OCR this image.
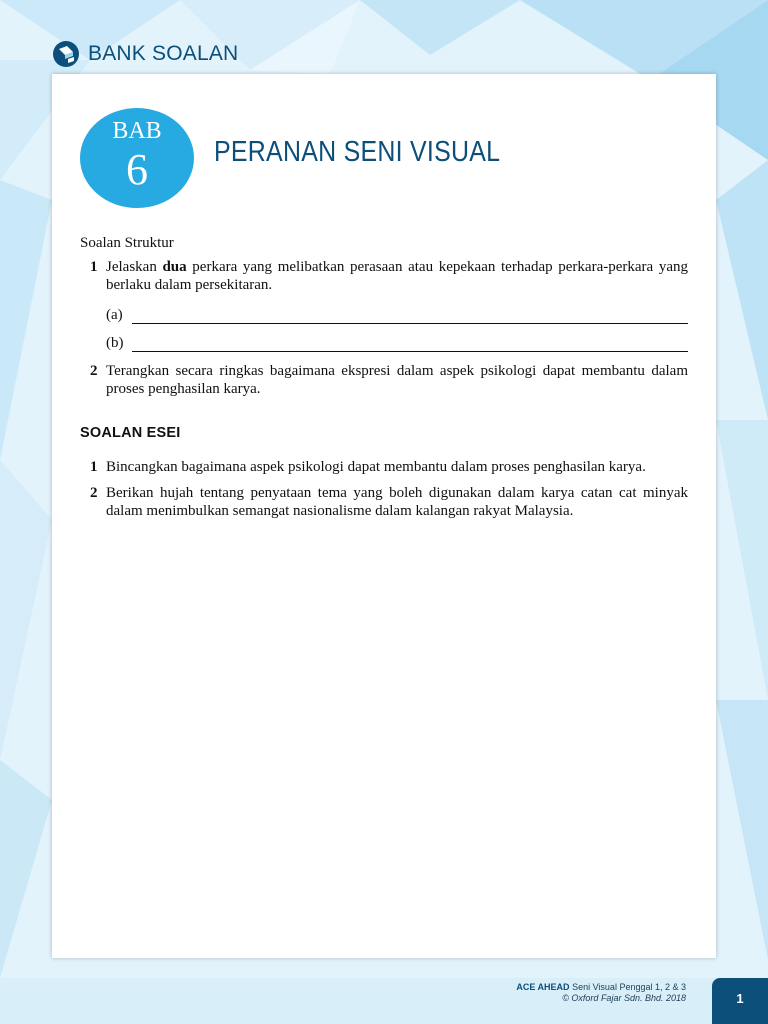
BANK SOALAN
BAB
6	PERANAN SENI VISUAL
Soalan Struktur
1 Jelaskan dua perkara yang melibatkan perasaan atau kepekaan terhadap perkara-perkara yang berlaku dalam persekitaran.
(a)
(b)
2 Terangkan secara ringkas bagaimana ekspresi dalam aspek psikologi dapat membantu dalam proses penghasilan karya.
SOALAN ESEI
1 Bincangkan bagaimana aspek psikologi dapat membantu dalam proses penghasilan karya.
2 Berikan hujah tentang penyataan tema yang boleh digunakan dalam karya catan cat minyak dalam menimbulkan semangat nasionalisme dalam kalangan rakyat Malaysia.
ACE AHEAD Seni Visual Penggal 1, 2 & 3
© Oxford Fajar Sdn. Bhd. 2018	1
